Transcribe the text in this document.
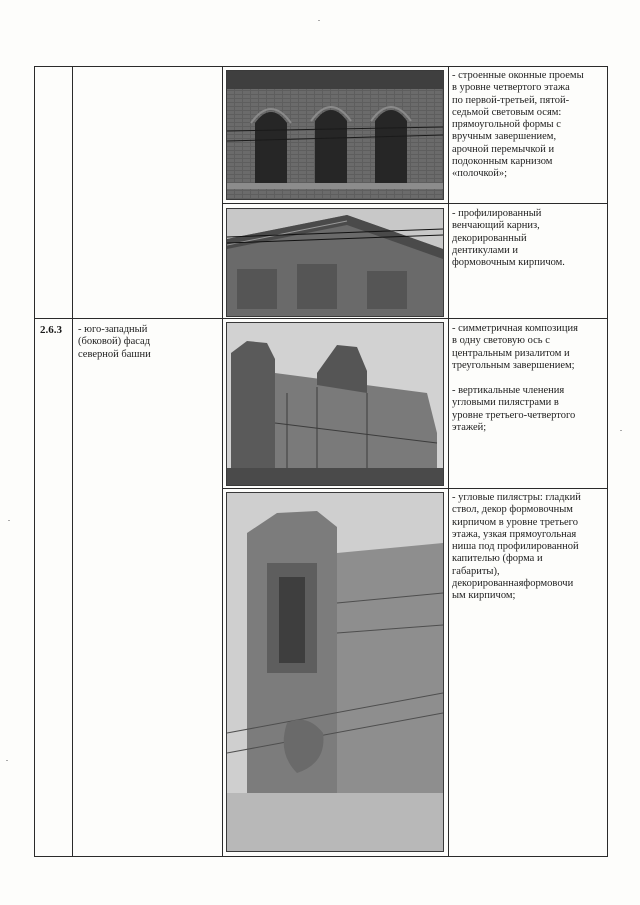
- строенные оконные проемы
в уровне четвертого этажа
по первой-третьей, пятой-
седьмой световым осям:
прямоугольной формы с
вручным завершением,
арочной перемычкой и
подоконным карнизом
«полочкой»;
- профилированный
венчающий карниз,
декорированный
дентикулами и
формовочным кирпичом.
2.6.3 - юго-западный
(боковой) фасад
северной башни
- симметричная композиция
в одну световую ось с
центральным ризалитом и
треугольным завершением;
- вертикальные членения
угловыми пилястрами в
уровне третьего-четвертого
этажей;
- угловые пилястры: гладкий
ствол, декор формовочным
кирпичом в уровне третьего
этажа, узкая прямоугольная
ниша под профилированной
капителью (форма и
габариты),
декорированнаяформовочи
ым кирпичом;
